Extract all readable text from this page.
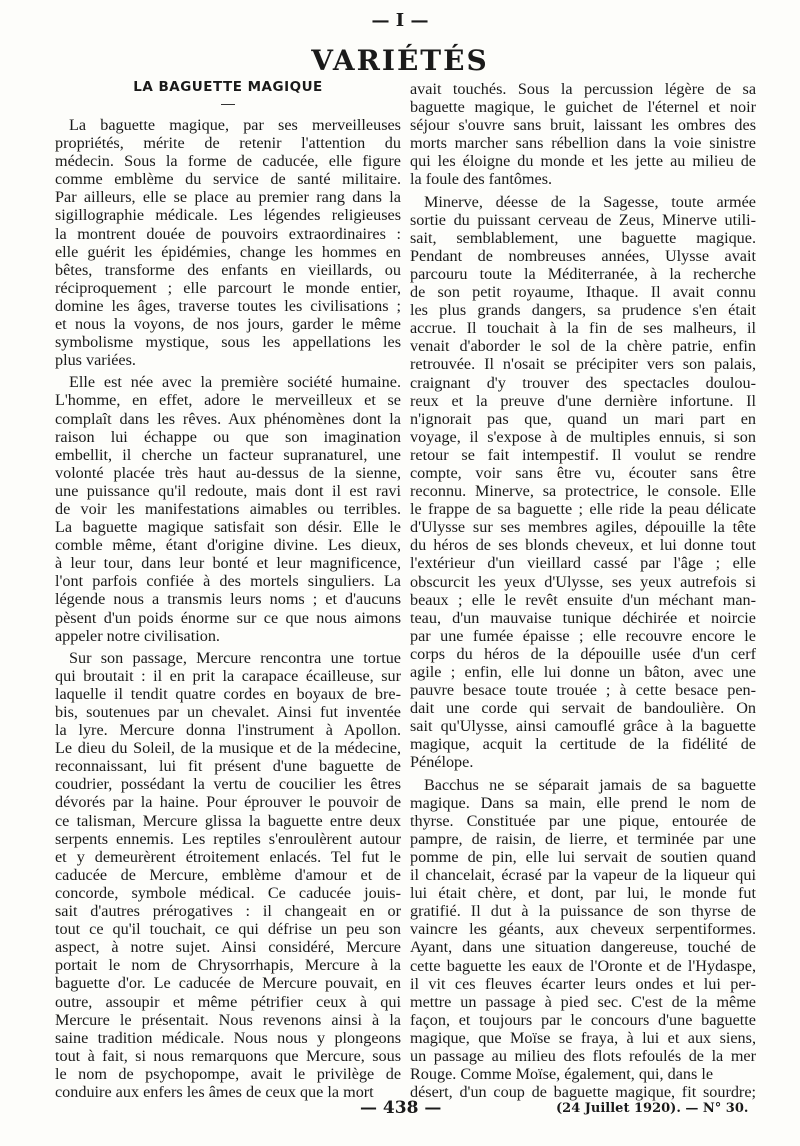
— I —
VARIÉTÉS
LA BAGUETTE MAGIQUE
La baguette magique, par ses merveilleuses
propriétés, mérite de retenir l'attention du
médecin. Sous la forme de caducée, elle figure
comme emblème du service de santé militaire.
Par ailleurs, elle se place au premier rang dans la
sigillographie médicale. Les légendes religieuses
la montrent douée de pouvoirs extraordinaires :
elle guérit les épidémies, change les hommes en
bêtes, transforme des enfants en vieillards, ou
réciproquement ; elle parcourt le monde entier,
domine les âges, traverse toutes les civilisations ;
et nous la voyons, de nos jours, garder le même
symbolisme mystique, sous les appellations les
plus variées.
Elle est née avec la première société humaine.
L'homme, en effet, adore le merveilleux et se
complaît dans les rêves. Aux phénomènes dont la
raison lui échappe ou que son imagination
embellit, il cherche un facteur supranaturel, une
volonté placée très haut au-dessus de la sienne,
une puissance qu'il redoute, mais dont il est ravi
de voir les manifestations aimables ou terribles.
La baguette magique satisfait son désir. Elle le
comble même, étant d'origine divine. Les dieux,
à leur tour, dans leur bonté et leur magnificence,
l'ont parfois confiée à des mortels singuliers. La
légende nous a transmis leurs noms ; et d'aucuns
pèsent d'un poids énorme sur ce que nous aimons
appeler notre civilisation.
Sur son passage, Mercure rencontra une tortue
qui broutait : il en prit la carapace écailleuse, sur
laquelle il tendit quatre cordes en boyaux de bre-
bis, soutenues par un chevalet. Ainsi fut inventée
la lyre. Mercure donna l'instrument à Apollon.
Le dieu du Soleil, de la musique et de la médecine,
reconnaissant, lui fit présent d'une baguette de
coudrier, possédant la vertu de coucilier les êtres
dévorés par la haine. Pour éprouver le pouvoir de
ce talisman, Mercure glissa la baguette entre deux
serpents ennemis. Les reptiles s'enroulèrent autour
et y demeurèrent étroitement enlacés. Tel fut le
caducée de Mercure, emblème d'amour et de
concorde, symbole médical. Ce caducée jouis-
sait d'autres prérogatives : il changeait en or
tout ce qu'il touchait, ce qui défrise un peu son
aspect, à notre sujet. Ainsi considéré, Mercure
portait le nom de Chrysorrhapis, Mercure à la
baguette d'or. Le caducée de Mercure pouvait, en
outre, assoupir et même pétrifier ceux à qui
Mercure le présentait. Nous revenons ainsi à la
saine tradition médicale. Nous nous y plongeons
tout à fait, si nous remarquons que Mercure, sous
le nom de psychopompe, avait le privilège de
conduire aux enfers les âmes de ceux que la mort
avait touchés. Sous la percussion légère de sa
baguette magique, le guichet de l'éternel et noir
séjour s'ouvre sans bruit, laissant les ombres des
morts marcher sans rébellion dans la voie sinistre
qui les éloigne du monde et les jette au milieu de
la foule des fantômes.
Minerve, déesse de la Sagesse, toute armée
sortie du puissant cerveau de Zeus, Minerve utili-
sait, semblablement, une baguette magique.
Pendant de nombreuses années, Ulysse avait
parcouru toute la Méditerranée, à la recherche
de son petit royaume, Ithaque. Il avait connu
les plus grands dangers, sa prudence s'en était
accrue. Il touchait à la fin de ses malheurs, il
venait d'aborder le sol de la chère patrie, enfin
retrouvée. Il n'osait se précipiter vers son palais,
craignant d'y trouver des spectacles doulou-
reux et la preuve d'une dernière infortune. Il
n'ignorait pas que, quand un mari part en
voyage, il s'expose à de multiples ennuis, si son
retour se fait intempestif. Il voulut se rendre
compte, voir sans être vu, écouter sans être
reconnu. Minerve, sa protectrice, le console. Elle
le frappe de sa baguette ; elle ride la peau délicate
d'Ulysse sur ses membres agiles, dépouille la tête
du héros de ses blonds cheveux, et lui donne tout
l'extérieur d'un vieillard cassé par l'âge ; elle
obscurcit les yeux d'Ulysse, ses yeux autrefois si
beaux ; elle le revêt ensuite d'un méchant man-
teau, d'un mauvaise tunique déchirée et noircie
par une fumée épaisse ; elle recouvre encore le
corps du héros de la dépouille usée d'un cerf
agile ; enfin, elle lui donne un bâton, avec une
pauvre besace toute trouée ; à cette besace pen-
dait une corde qui servait de bandoulière. On
sait qu'Ulysse, ainsi camouflé grâce à la baguette
magique, acquit la certitude de la fidélité de
Pénélope.
Bacchus ne se séparait jamais de sa baguette
magique. Dans sa main, elle prend le nom de
thyrse. Constituée par une pique, entourée de
pampre, de raisin, de lierre, et terminée par une
pomme de pin, elle lui servait de soutien quand
il chancelait, écrasé par la vapeur de la liqueur qui
lui était chère, et dont, par lui, le monde fut
gratifié. Il dut à la puissance de son thyrse de
vaincre les géants, aux cheveux serpentiformes.
Ayant, dans une situation dangereuse, touché de
cette baguette les eaux de l'Oronte et de l'Hydaspe,
il vit ces fleuves écarter leurs ondes et lui per-
mettre un passage à pied sec. C'est de la même
façon, et toujours par le concours d'une baguette
magique, que Moïse se fraya, à lui et aux siens,
un passage au milieu des flots refoulés de la mer
Rouge. Comme Moïse, également, qui, dans le
désert, d'un coup de baguette magique, fit sourdre;
— 438 —	(24 Juillet 1920). — N° 30.
